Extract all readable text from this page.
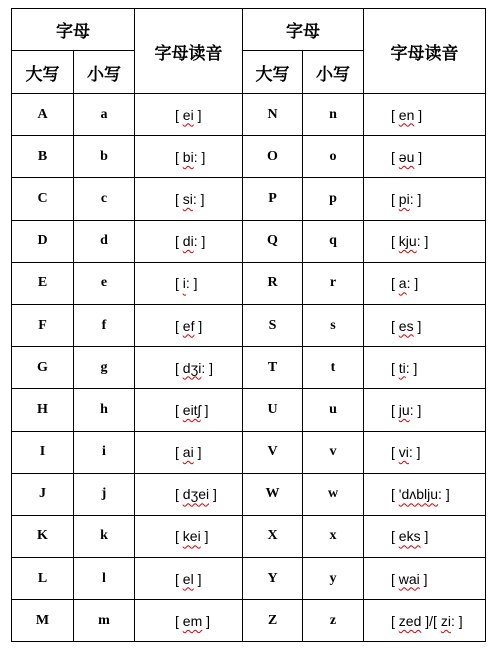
字母		字母读音	字母		字母读音
大写	小写		大写	小写	
A	a	[ ei ]	N	n	[ en ]
B	b	[ bi: ]	O	o	[ əu ]
C	c	[ si: ]	P	p	[ pi: ]
D	d	[ di: ]	Q	q	[ kju: ]
E	e	[ i: ]	R	r	[ a: ]
F	f	[ ef ]	S	s	[ es ]
G	g	[ dʒi: ]	T	t	[ ti: ]
H	h	[ eitʃ ]	U	u	[ ju: ]
I	i	[ ai ]	V	v	[ vi: ]
J	j	[ dʒei ]	W	w	[ 'dʌblju: ]
K	k	[ kei ]	X	x	[ eks ]
L	l	[ el ]	Y	y	[ wai ]
M	m	[ em ]	Z	z	[ zed ]/[ zi: ]
